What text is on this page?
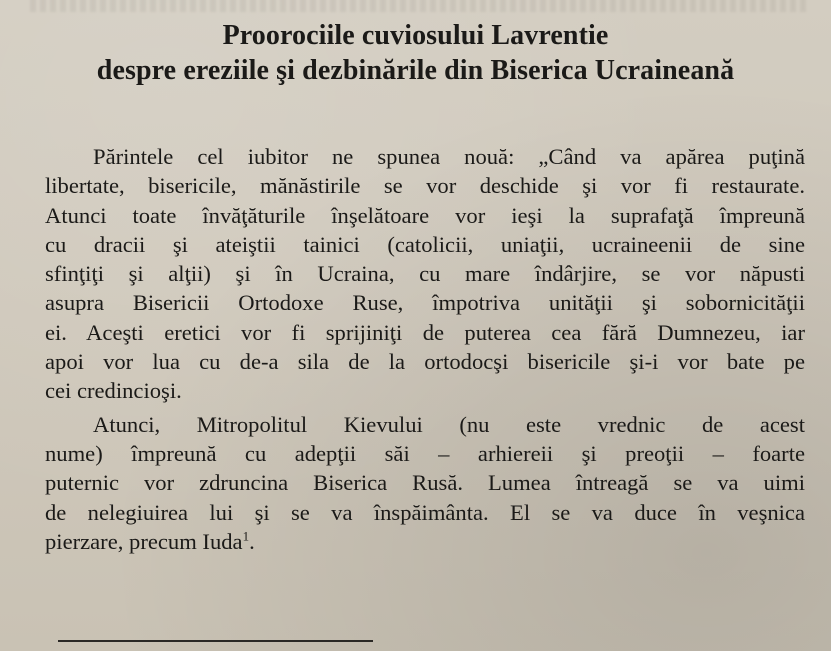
Proorociile cuviosului Lavrentie
despre ereziile şi dezbinările din Biserica Ucraineană

Părintele cel iubitor ne spunea nouă: „Când va apărea puţină
libertate, bisericile, mănăstirile se vor deschide şi vor fi restaurate.
Atunci toate învăţăturile înşelătoare vor ieşi la suprafaţă împreună
cu dracii şi ateiştii tainici (catolicii, uniaţii, ucraineenii de sine
sfinţiţi şi alţii) şi în Ucraina, cu mare îndârjire, se vor năpusti
asupra Bisericii Ortodoxe Ruse, împotriva unităţii şi sobornicităţii
ei. Aceşti eretici vor fi sprijiniţi de puterea cea fără Dumnezeu, iar
apoi vor lua cu de-a sila de la ortodocşi bisericile şi-i vor bate pe
cei credincioşi.

Atunci, Mitropolitul Kievului (nu este vrednic de acest
nume) împreună cu adepţii săi – arhiereii şi preoţii – foarte
puternic vor zdruncina Biserica Rusă. Lumea întreagă se va uimi
de nelegiuirea lui şi se va înspăimânta. El se va duce în veşnica
pierzare, precum Iuda$^1$.
